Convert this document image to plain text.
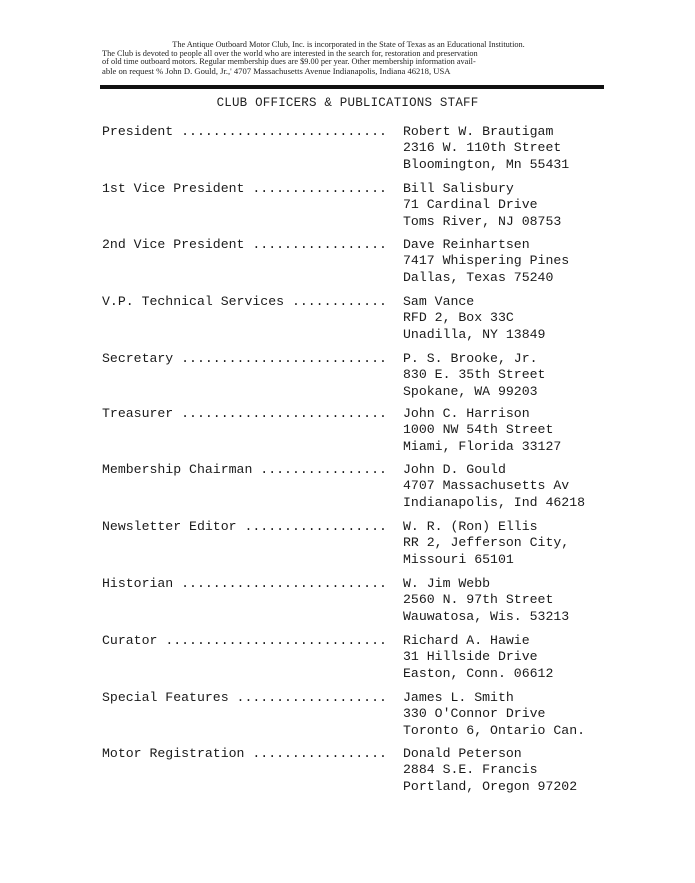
The Antique Outboard Motor Club, Inc. is incorporated in the State of Texas as an Educational Institution.
The Club is devoted to people all over the world who are interested in the search for, restoration and preservation
of old time outboard motors. Regular membership dues are $9.00 per year. Other membership information avail-
able on request % John D. Gould, Jr.,' 4707 Massachusetts Avenue Indianapolis, Indiana 46218, USA
CLUB OFFICERS & PUBLICATIONS STAFF
President .....	Robert W. Brautigam
2316 W. 110th Street
Bloomington, Mn 55431
1st Vice President .....	Bill Salisbury
71 Cardinal Drive
Toms River, NJ 08753
2nd Vice President .....	Dave Reinhartsen
7417 Whispering Pines
Dallas, Texas 75240
V.P. Technical Services .....	Sam Vance
RFD 2, Box 33C
Unadilla, NY 13849
Secretary .....	P. S. Brooke, Jr.
830 E. 35th Street
Spokane, WA 99203
Treasurer .....	John C. Harrison
1000 NW 54th Street
Miami, Florida 33127
Membership Chairman .....	John D. Gould
4707 Massachusetts Av
Indianapolis, Ind 46218
Newsletter Editor .....	W. R. (Ron) Ellis
RR 2, Jefferson City,
Missouri 65101
Historian .....	W. Jim Webb
2560 N. 97th Street
Wauwatosa, Wis. 53213
Curator .....	Richard A. Hawie
31 Hillside Drive
Easton, Conn. 06612
Special Features .....	James L. Smith
330 O'Connor Drive
Toronto 6, Ontario Can.
Motor Registration .....	Donald Peterson
2884 S.E. Francis
Portland, Oregon 97202
